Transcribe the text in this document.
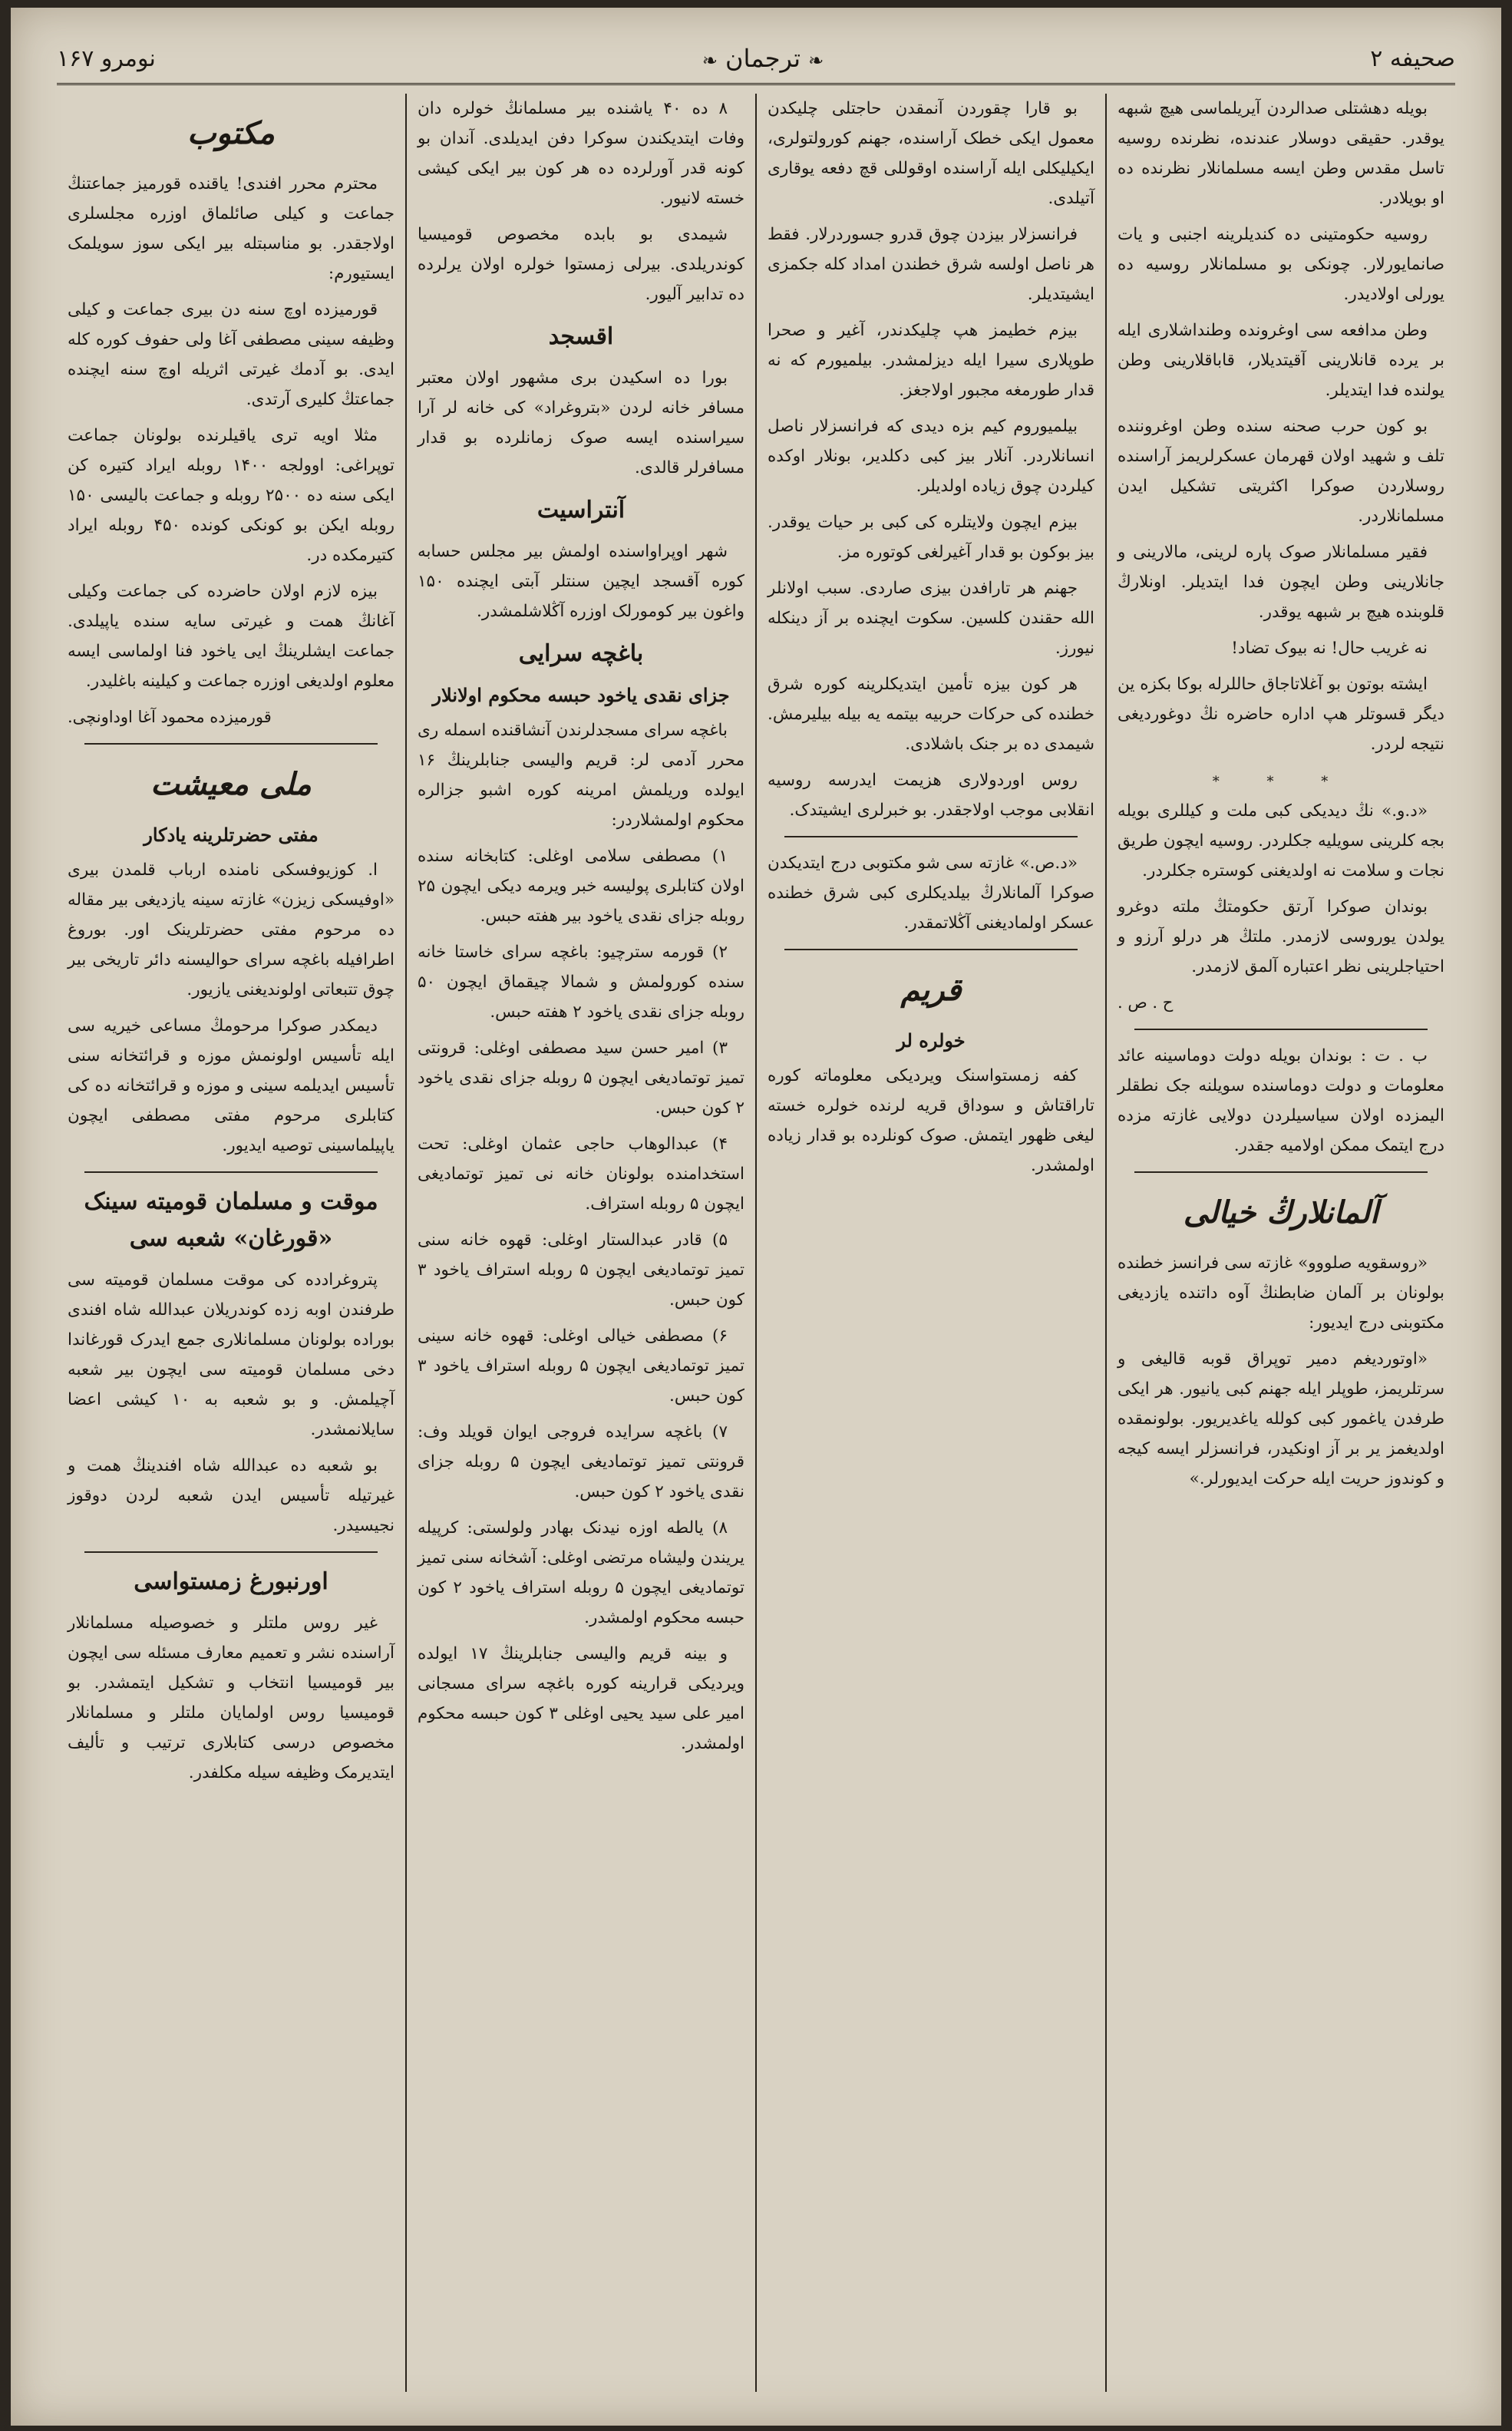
صحیفه ۲
❧ ترجمان ❧
نومرو ۱۶۷

بویله دهشتلی صدالردن آیریلماسی هیچ شبهه یوقدر. حقیقی دوسلار عندنده، نظرنده روسیه تاسل مقدس وطن ایسه مسلمانلار نظرنده ده او بویلادر.

روسیه حکومتینی ده کندیلرینه اجنبی و یات صانمایورلار. چونکی بو مسلمانلار روسیه ده یورلی اولادیدر.

وطن مدافعه سی اوغرونده وطنداشلاری ایله بر یرده قانلارینی آقیتدیلار، قاباقلارینی وطن یولنده فدا ایتدیلر.

بو کون حرب صحنه سنده وطن اوغروننده تلف و شهید اولان قهرمان عسکرلریمز آراسنده روسلاردن صوکرا اکثریتی تشکیل ایدن مسلمانلاردر.

فقیر مسلمانلار صوک پاره لرینی، مالارینی و جانلارینی وطن ایچون فدا ایتدیلر. اونلارڭ قلوبنده هیچ بر شبهه یوقدر.

نه غریب حال! نه بیوک تضاد!

ایشته بوتون بو آغلاتاجاق حاللرله بوکا بکزه ین دیگر قسوتلر هپ اداره حاضره نڭ دوغوردیغی نتیجه لردر.

⁎ ⁎ ⁎

«د.و.» نڭ دیدیکی کبی ملت و کیللری بویله بجه کلرینی سویلیه جکلردر. روسیه ایچون طریق نجات و سلامت نه اولدیغنی کوستره جکلردر.

بوندان صوکرا آرتق حکومتڭ ملته دوغرو یولدن یوروسی لازمدر. ملتڭ هر درلو آرزو و احتیاجلرینی نظر اعتباره آلمق لازمدر.

ح . ص .

ب . ت : بوندان بویله دولت دوماسینه عائد معلومات و دولت دوماسنده سویلنه جک نطقلر الیمزده اولان سیاسیلردن دولایی غازته مزده درج ایتمک ممکن اولامیه جقدر.

آلمانلارڭ خیالی

«روسقویه صلووو» غازته سی فرانسز خطنده بولونان بر آلمان ضابطنڭ آوه داتنده یازدیغی مکتوبنی درج ایدیور:

«اوتوردیغم دمیر توپراق قوبه قالیغی و سرتلریمز، طوپلر ایله جهنم کبی یانیور. هر ایکی طرفدن یاغمور کبی کولله یاغدیریور. بولونمقده اولدیغمز یر بر آز اونکیدر، فرانسزلر ایسه کیجه و کوندوز حریت ایله حرکت ایدیورلر.»

بو قارا چقوردن آنمقدن حاجتلی چلیکدن معمول ایکی خطک آراسنده، جهنم کورولتولری، ایکیلیکلی ایله آراسنده اوقوللی قچ دفعه یوقاری آتیلدی.

فرانسزلار بیزدن چوق قدرو جسوردرلار. فقط هر ناصل اولسه شرق خطندن امداد کله جکمزی ایشیتدیلر.

بیزم خطیمز هپ چلیکدندر، آغیر و صحرا طوپلاری سیرا ایله دیزلمشدر. بیلمیورم که نه قدار طورمغه مجبور اولاجغز.

بیلمیوروم کیم بزه دیدی که فرانسزلار ناصل انسانلاردر. آنلار بیز کبی دکلدیر، بونلار اوکده کیلردن چوق زیاده اولدیلر.

بیزم ایچون ولایتلره کی کبی بر حیات یوقدر. بیز بوکون بو قدار آغیرلغی کوتوره مز.

جهنم هر تارافدن بیزی صاردی. سبب اولانلر الله حقندن کلسین. سکوت ایچنده بر آز دینکله نیورز.

هر کون بیزه تأمین ایتدیکلرینه کوره شرق خطنده کی حرکات حربیه بیتمه یه بیله بیلیرمش. شیمدی ده بر جنک باشلادی.

روس اوردولاری هزیمت ایدرسه روسیه انقلابی موجب اولاجقدر. بو خبرلری ایشیتدک.

«د.ص.» غازته سی شو مکتوبی درج ایتدیکدن صوکرا آلمانلارڭ بیلدیکلری کبی شرق خطنده عسکر اولمادیغنی آڭلاتمقدر.

قریم
خولره لر

کفه زمستواسنک ویردیکی معلوماته کوره تاراقتاش و سوداق قریه لرنده خولره خسته لیغی ظهور ایتمش. صوک کونلرده بو قدار زیاده اولمشدر.

۸ ده ۴۰ یاشنده بیر مسلمانڭ خولره دان وفات ایتدیکندن سوکرا دفن ایدیلدی. آندان بو کونه قدر آورلرده ده هر کون بیر ایکی کیشی خسته لانیور.

شیمدی بو بابده مخصوص قومیسیا کوندریلدی. بیرلی زمستوا خولره اولان یرلرده ده تدابیر آلیور.

اقسجد

بورا ده اسکیدن بری مشهور اولان معتبر مسافر خانه لردن «بتروغراد» کی خانه لر آرا سیراسنده ایسه صوک زمانلرده بو قدار مسافرلر قالدی.

آنتراسیت

شهر اوپراواسنده اولمش بیر مجلس حسابه کوره آقسجد ایچین سنتلر آبتی ایچنده ۱۵۰ واغون بیر کومورلک اوزره آڭلاشلمشدر.

باغچه سرایی
جزای نقدی یاخود حبسه محکوم اولانلار

باغچه سرای مسجدلرندن آنشاقنده اسمله ری محرر آدمی لر: قریم والیسی جنابلرینڭ ۱۶ ایولده وریلمش امرینه کوره اشبو جزالره محکوم اولمشلاردر:

۱) مصطفی سلامی اوغلی: کتابخانه سنده اولان کتابلری پولیسه خبر ویرمه دیکی ایچون ۲۵ روبله جزای نقدی یاخود بیر هفته حبس.

۲) قورمه سترچیو: باغچه سرای خاستا خانه سنده کورولمش و شمالا چیقماق ایچون ۵۰ روبله جزای نقدی یاخود ۲ هفته حبس.

۳) امیر حسن سید مصطفی اوغلی: قرونتی تمیز توتمادیغی ایچون ۵ روبله جزای نقدی یاخود ۲ کون حبس.

۴) عبدالوهاب حاجی عثمان اوغلی: تحت استخدامنده بولونان خانه نی تمیز توتمادیغی ایچون ۵ روبله استراف.

۵) قادر عبدالستار اوغلی: قهوه خانه سنی تمیز توتمادیغی ایچون ۵ روبله استراف یاخود ۳ کون حبس.

۶) مصطفی خیالی اوغلی: قهوه خانه سینی تمیز توتمادیغی ایچون ۵ روبله استراف یاخود ۳ کون حبس.

۷) باغچه سرایده فروجی ایوان قویلد وف: قرونتی تمیز توتمادیغی ایچون ۵ روبله جزای نقدی یاخود ۲ کون حبس.

۸) یالطه اوزه نیدنک بهادر ولولستی: کرپیله یریندن ولیشاه مرتضی اوغلی: آشخانه سنی تمیز توتمادیغی ایچون ۵ روبله استراف یاخود ۲ کون حبسه محکوم اولمشدر.

و بینه قریم والیسی جنابلرینڭ ۱۷ ایولده ویردیکی قرارینه کوره باغچه سرای مسجانی امیر علی سید یحیی اوغلی ۳ کون حبسه محکوم اولمشدر.

مکتوب

محترم محرر افندی! یاقنده قورمیز جماعتنڭ جماعت و کیلی صائلماق اوزره مجلسلری اولاجقدر. بو مناسبتله بیر ایکی سوز سویلمک ایستیورم:

قورمیزده اوچ سنه دن بیری جماعت و کیلی وظیفه سینی مصطفی آغا ولی حفوف کوره کله ایدی. بو آدمك غیرتی اثریله اوچ سنه ایچنده جماعتڭ کلیری آرتدی.

مثلا اویه تری یاقیلرنده بولونان جماعت توپراغی: اوولجه ۱۴۰۰ روبله ایراد کتیره کن ایکی سنه ده ۲۵۰۰ روبله و جماعت بالیسی ۱۵۰ روبله ایکن بو کونکی کونده ۴۵۰ روبله ایراد کتیرمکده در.

بیزه لازم اولان حاضرده کی جماعت وکیلی آغانڭ همت و غیرتی سایه سنده یاپیلدی. جماعت ایشلرینڭ ایی یاخود فنا اولماسی ایسه معلوم اولدیغی اوزره جماعت و کیلینه باغلیدر.

قورمیزده محمود آغا اوداونچی.
ملی معیشت
مفتی حضرتلرینه یادکار

ا. کوزیوفسکی نامنده ارباب قلمدن بیری «اوفیسکی زیزن» غازته سینه یازدیغی بیر مقاله ده مرحوم مفتی حضرتلرینک اور. بوروغ اطرافیله باغچه سرای حوالیسنه دائر تاریخی بیر چوق تتبعاتی اولوندیغنی یازیور.

دیمکدر صوکرا مرحومڭ مساعی خیریه سی ایله تأسیس اولونمش موزه و قرائتخانه سنی تأسیس ایدیلمه سینی و موزه و قرائتخانه ده کی کتابلری مرحوم مفتی مصطفی ایچون یاپیلماسینی توصیه ایدیور.

موقت و مسلمان قومیته سینک «قورغان» شعبه سی

پتروغرادده کی موقت مسلمان قومیته سی طرفندن اوبه زده کوندریلان عبدالله شاه افندی بوراده بولونان مسلمانلاری جمع ایدرک قورغاندا دخی مسلمان قومیته سی ایچون بیر شعبه آچیلمش. و بو شعبه به ۱۰ کیشی اعضا سایلانمشدر.

بو شعبه ده عبدالله شاه افندینڭ همت و غیرتیله تأسیس ایدن شعبه لردن دوقوز نجیسیدر.

اورنبورغ زمستواسی

غیر روس ملتلر و خصوصیله مسلمانلار آراسنده نشر و تعمیم معارف مسئله سی ایچون بیر قومیسیا انتخاب و تشکیل ایتمشدر. بو قومیسیا روس اولمایان ملتلر و مسلمانلار مخصوص درسی کتابلاری ترتیب و تألیف ایتدیرمک وظیفه سیله مکلفدر.
